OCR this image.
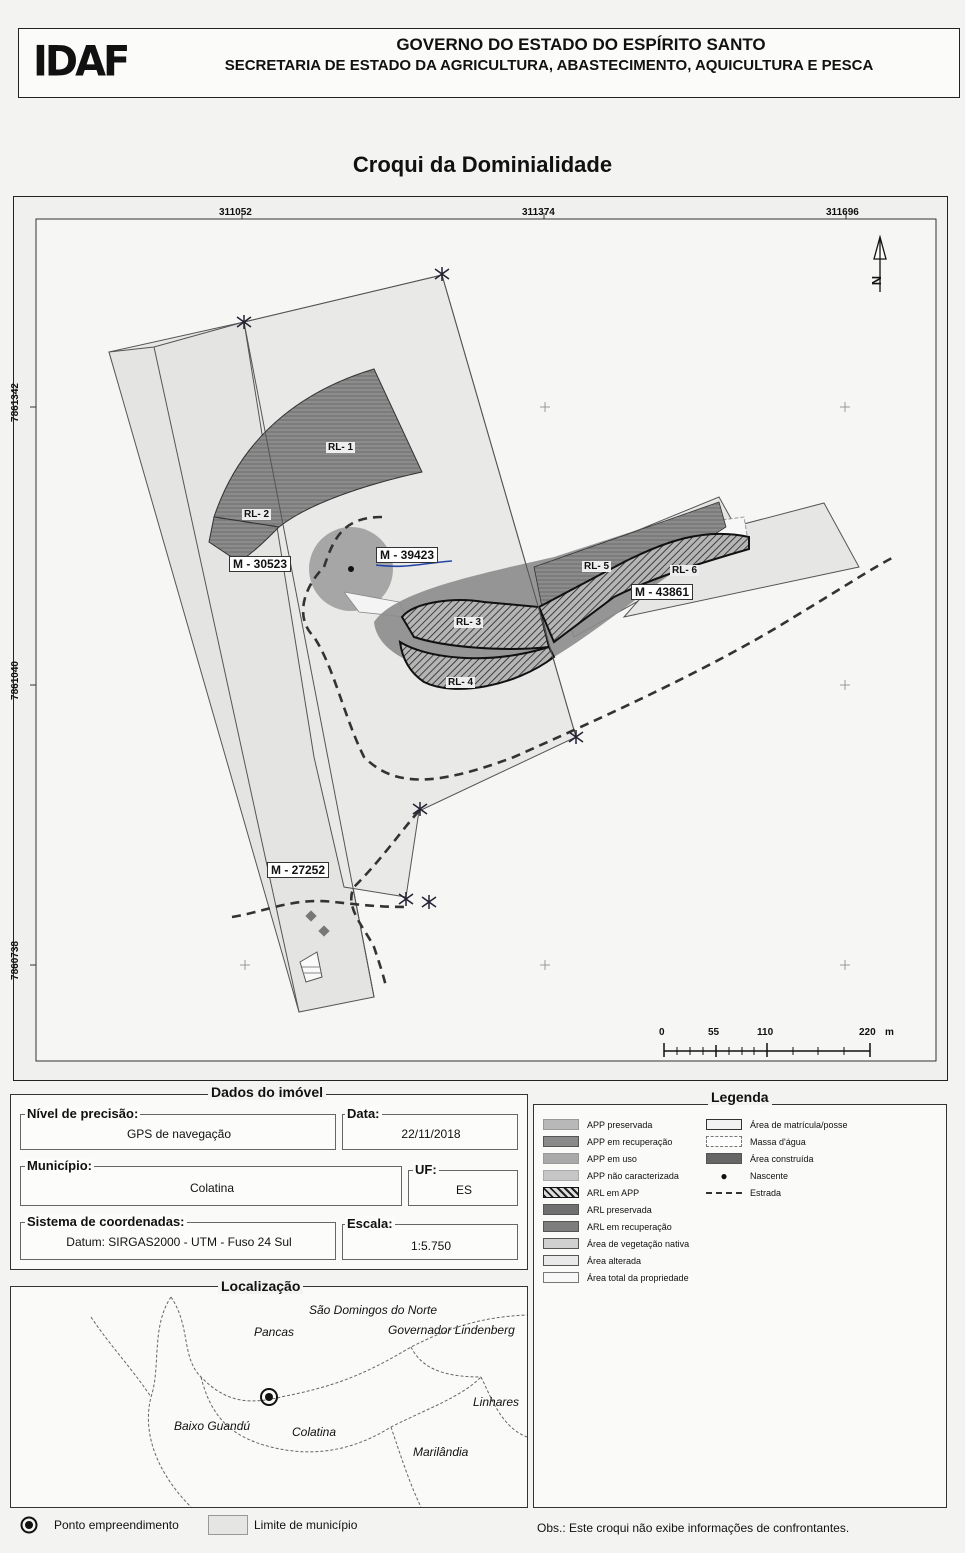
IDAF	GOVERNO DO ESTADO DO ESPÍRITO SANTO
SECRETARIA DE ESTADO DA AGRICULTURA, ABASTECIMENTO, AQUICULTURA E PESCA
Croqui da Dominialidade
311052	311374	311696
7861342
7861040
7860738
N
RL- 1
RL- 2
RL- 3
RL- 4
RL- 5	RL- 6
M - 30523
M - 39423
M - 43861
M - 27252
0	55	110	220 m
Dados do imóvel
Nível de precisão:
GPS de navegação
Data:
22/11/2018
Município:
Colatina
UF:
ES
Sistema de coordenadas:
Datum: SIRGAS2000 - UTM - Fuso 24 Sul
Escala:
1:5.750
Legenda
APP preservada
APP em recuperação
APP em uso
APP não caracterizada
ARL em APP
ARL preservada
ARL em recuperação
Área de vegetação nativa
Área alterada
Área total da propriedade
Área de matrícula/posse
Massa d'água
Área construída
●	Nascente
Estrada
São Domingos do Norte
Pancas	Governador Lindenberg
Linhares
Baixo Guandú	Colatina
Marilândia
Localização
Ponto empreendimento	Limite de município	Obs.: Este croqui não exibe informações de confrontantes.
